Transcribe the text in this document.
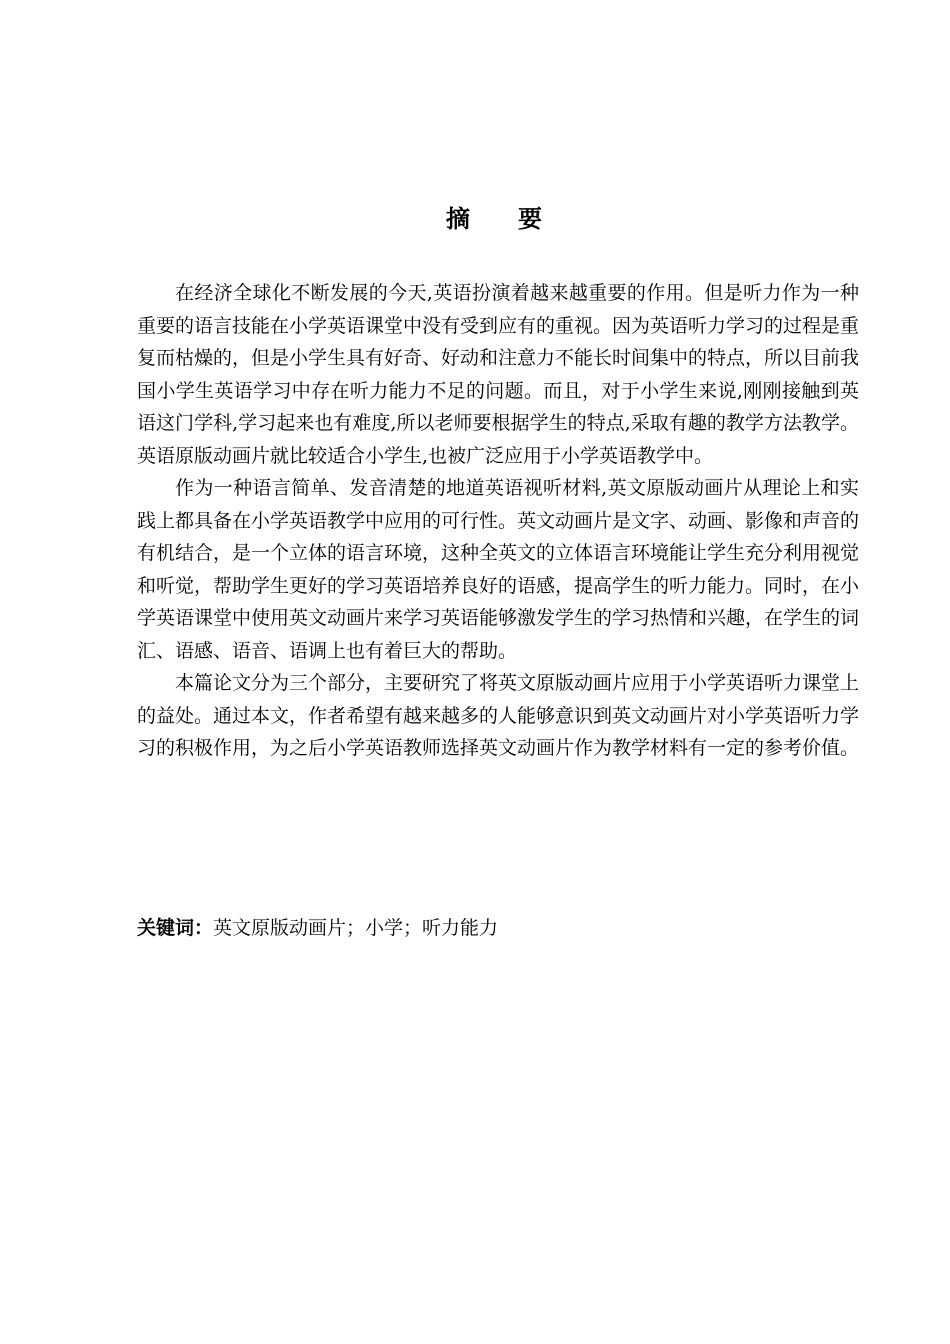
摘　　要

在经济全球化不断发展的今天,英语扮演着越来越重要的作用。但是听力作为一种重要的语言技能在小学英语课堂中没有受到应有的重视。因为英语听力学习的过程是重复而枯燥的，但是小学生具有好奇、好动和注意力不能长时间集中的特点，所以目前我国小学生英语学习中存在听力能力不足的问题。而且，对于小学生来说,刚刚接触到英语这门学科,学习起来也有难度,所以老师要根据学生的特点,采取有趣的教学方法教学。英语原版动画片就比较适合小学生,也被广泛应用于小学英语教学中。

作为一种语言简单、发音清楚的地道英语视听材料,英文原版动画片从理论上和实践上都具备在小学英语教学中应用的可行性。英文动画片是文字、动画、影像和声音的有机结合，是一个立体的语言环境，这种全英文的立体语言环境能让学生充分利用视觉和听觉，帮助学生更好的学习英语培养良好的语感，提高学生的听力能力。同时，在小学英语课堂中使用英文动画片来学习英语能够激发学生的学习热情和兴趣，在学生的词汇、语感、语音、语调上也有着巨大的帮助。

本篇论文分为三个部分，主要研究了将英文原版动画片应用于小学英语听力课堂上的益处。通过本文，作者希望有越来越多的人能够意识到英文动画片对小学英语听力学习的积极作用，为之后小学英语教师选择英文动画片作为教学材料有一定的参考价值。

关键词：英文原版动画片；小学；听力能力
